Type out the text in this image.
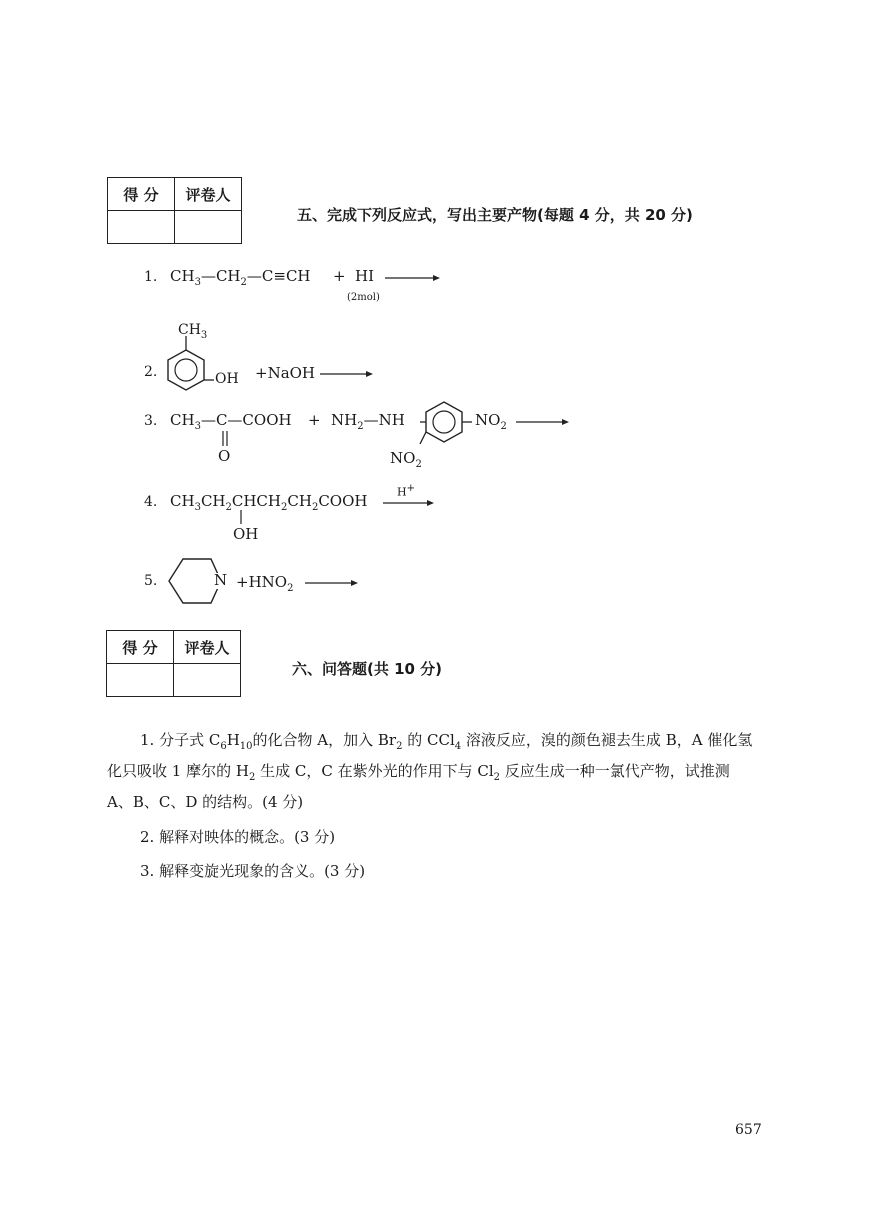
得 分	评卷人

五、完成下列反应式，写出主要产物(每题 4 分，共 20 分)
1. $CH_3—CH_2—C\equiv CH$ + HI
(2mol)
$CH_3$
2.	OH +NaOH →
3. $CH_3—C—COOH$
O
+ $NH_2—NH$	$NO_2$
$NO_2$
4. $CH_3CH_2CHCH_2CH_2COOH$
OH
H+
5.	$N +HNO_2$ →
得 分	评卷人

六、问答题(共 10 分)
1. 分子式 $C_6H_{10}$的化合物 A，加入 $Br_2$ 的 CCl$_4$ 溶液反应，溴的颜色褪去生成 B，A 催化氢
化只吸收 1 摩尔的 $H_2$ 生成 C，C 在紫外光的作用下与 $Cl_2$ 反应生成一种一氯代产物，试推测
A、B、C、D 的结构。(4 分)
2. 解释对映体的概念。(3 分)
3. 解释变旋光现象的含义。(3 分)
657
